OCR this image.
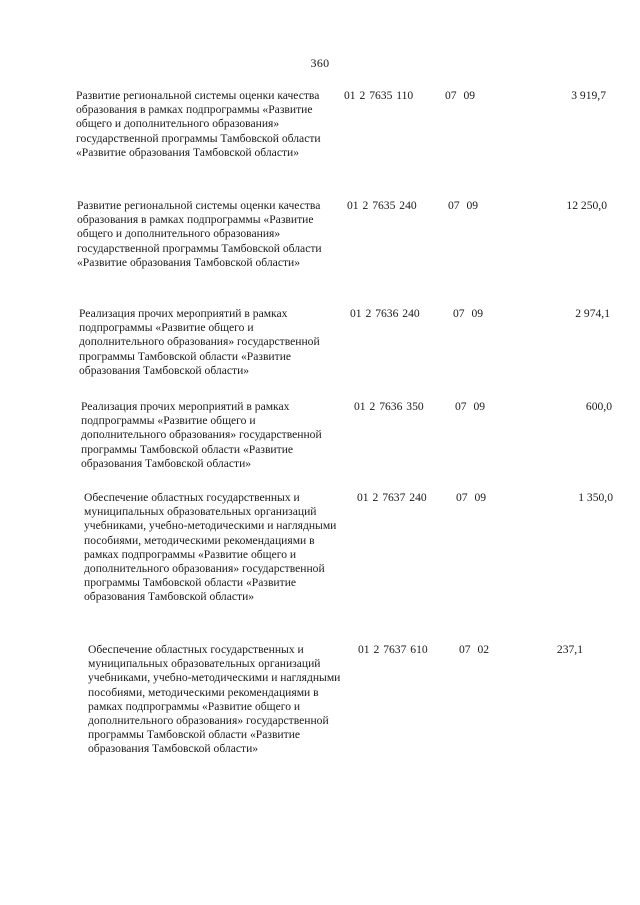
360
Развитие региональной системы оценки качества образования в рамках подпрограммы «Развитие общего и дополнительного образования» государственной программы Тамбовской области «Развитие образования Тамбовской области»
01 2 7635 110	07 09	3 919,7
Развитие региональной системы оценки качества образования в рамках подпрограммы «Развитие общего и дополнительного образования» государственной программы Тамбовской области «Развитие образования Тамбовской области»
01 2 7635 240	07 09	12 250,0
Реализация прочих мероприятий в рамках подпрограммы «Развитие общего и дополнительного образования» государственной программы Тамбовской области «Развитие образования Тамбовской области»
01 2 7636 240	07 09	2 974,1
Реализация прочих мероприятий в рамках подпрограммы «Развитие общего и дополнительного образования» государственной программы Тамбовской области «Развитие образования Тамбовской области»
01 2 7636 350	07 09	600,0
Обеспечение областных государственных и муниципальных образовательных организаций учебниками, учебно-методическими и наглядными пособиями, методическими рекомендациями в рамках подпрограммы «Развитие общего и дополнительного образования» государственной программы Тамбовской области «Развитие образования Тамбовской области»
01 2 7637 240	07 09	1 350,0
Обеспечение областных государственных и муниципальных образовательных организаций учебниками, учебно-методическими и наглядными пособиями, методическими рекомендациями в рамках подпрограммы «Развитие общего и дополнительного образования» государственной программы Тамбовской области «Развитие образования Тамбовской области»
01 2 7637 610	07 02	237,1
